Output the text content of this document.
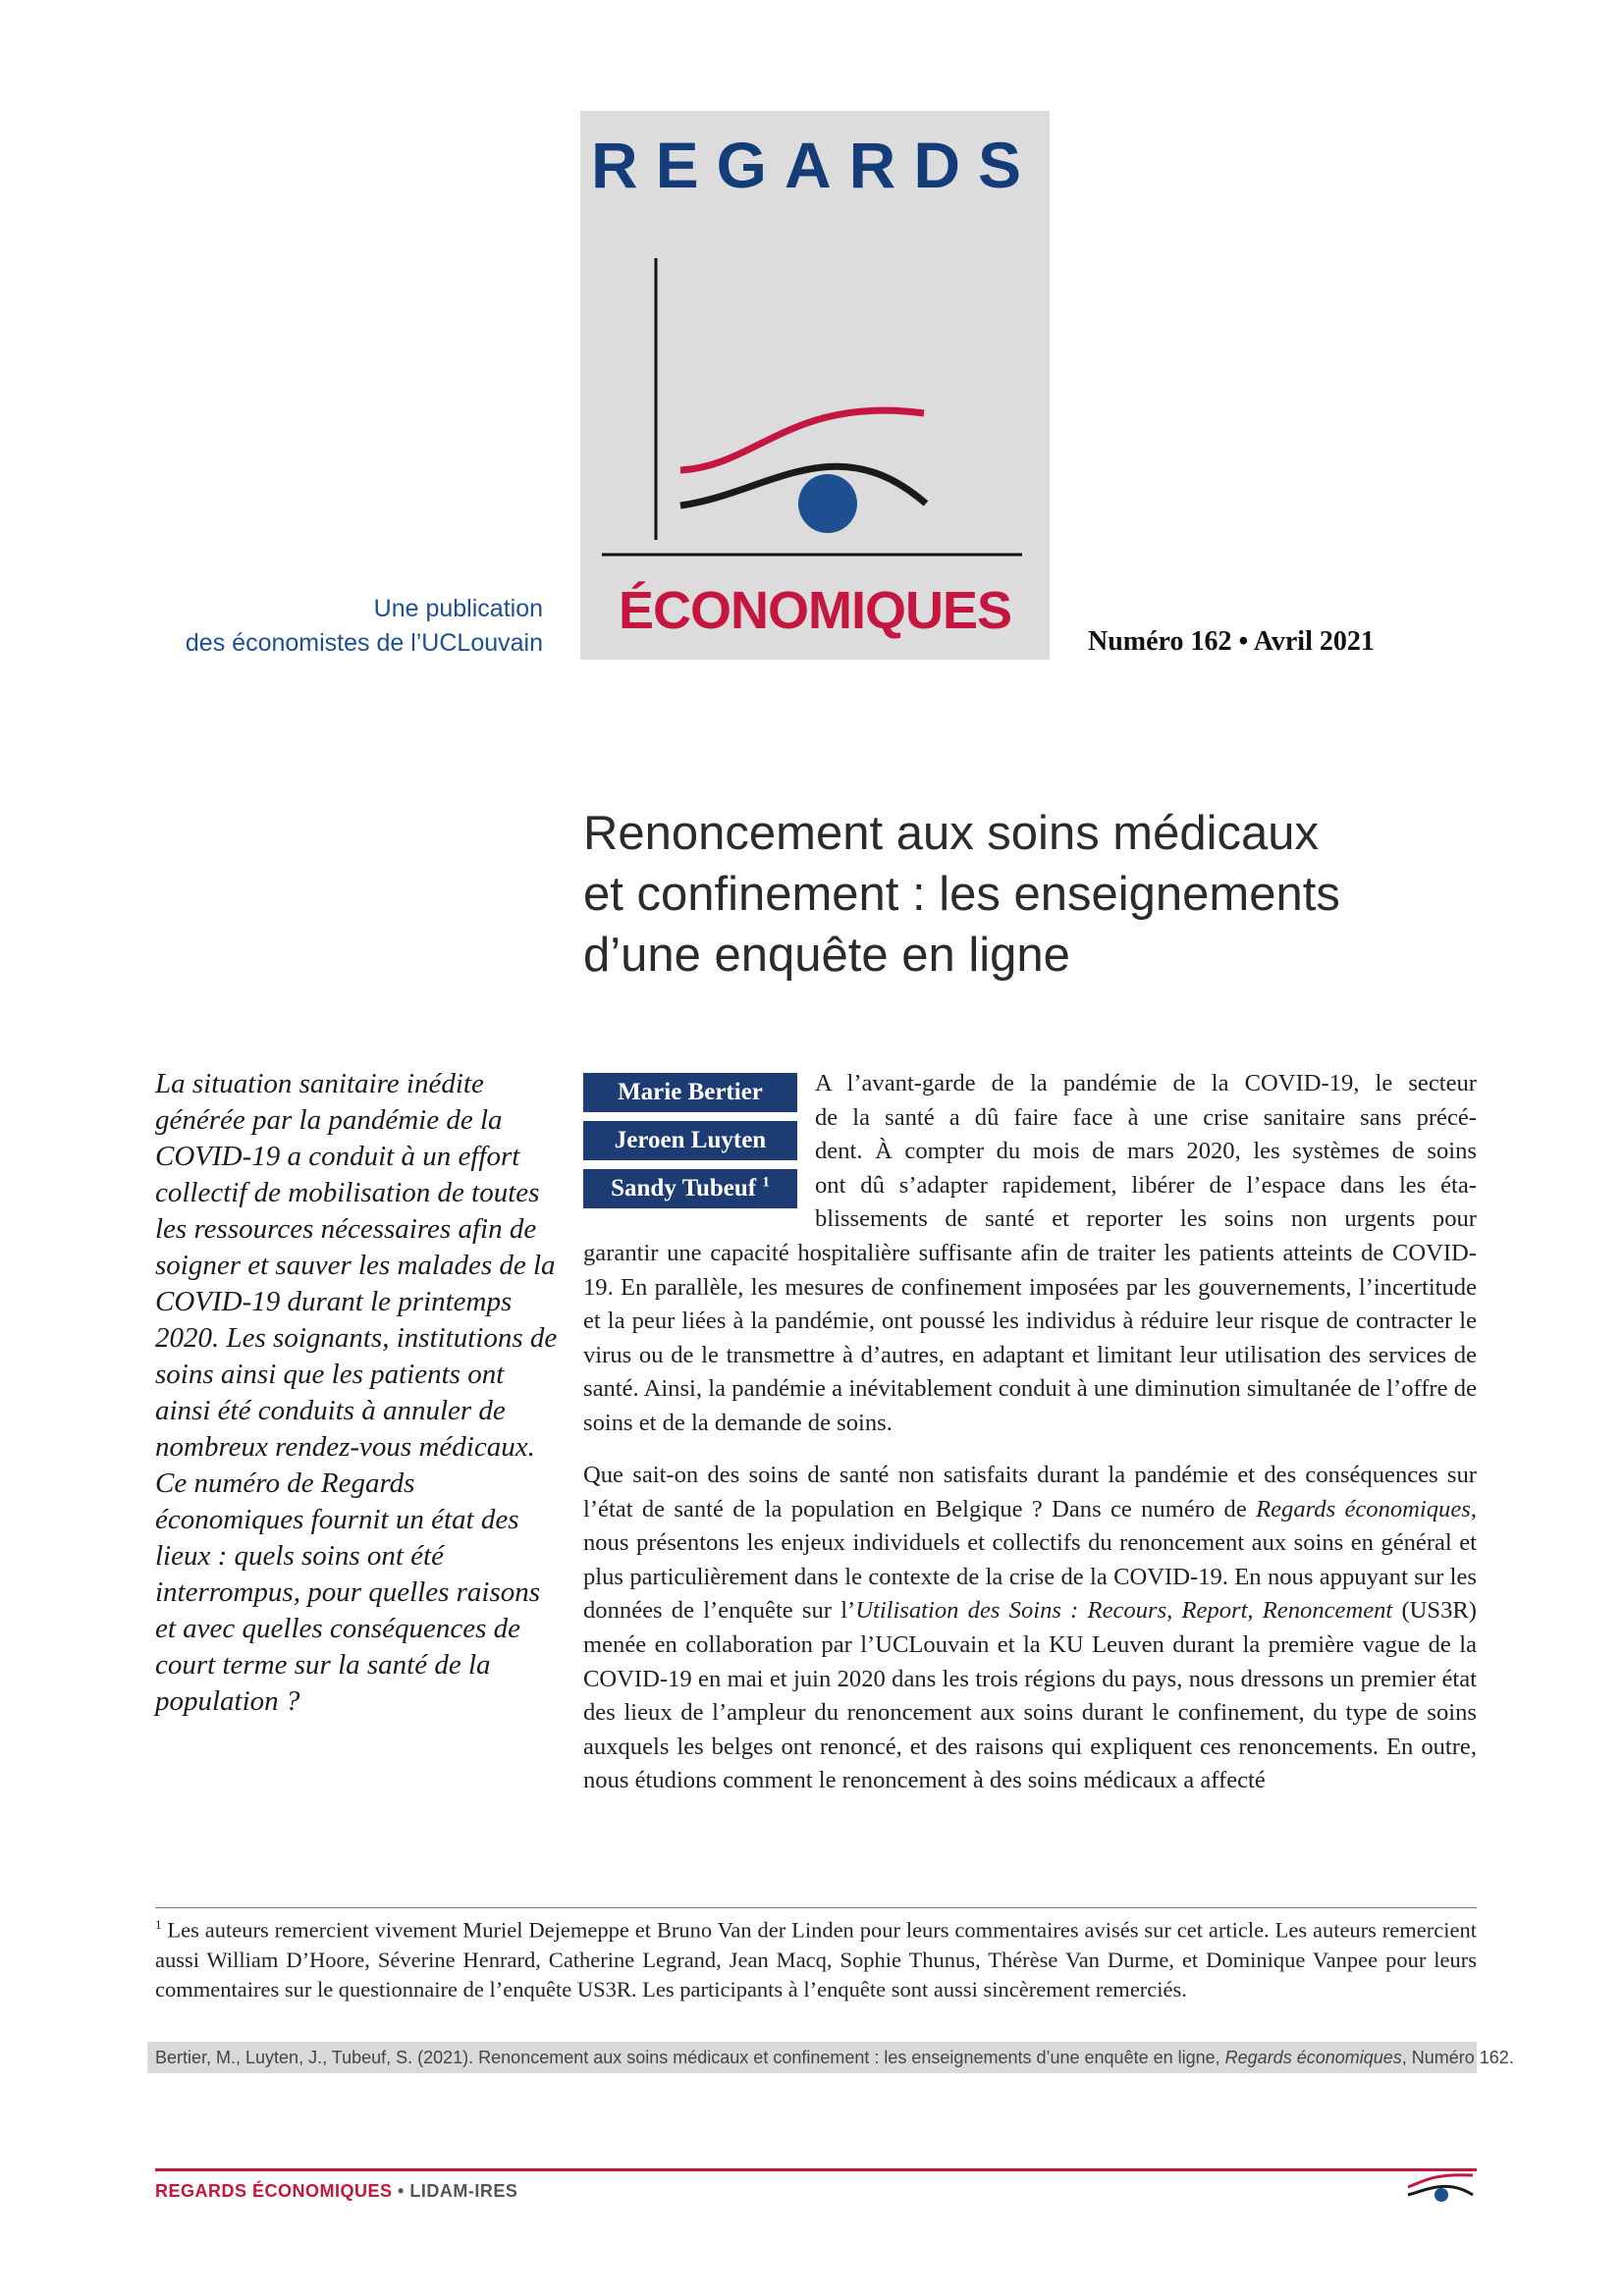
REGARDS
ÉCONOMIQUES
Une publication
des économistes de l’UCLouvain	Numéro 162 • Avril 2021
Renoncement aux soins médicaux
et confinement : les enseignements
d’une enquête en ligne

La situation sanitaire inédite générée par la pandémie de la COVID-19 a conduit à un effort collectif de mobilisation de toutes les ressources nécessaires afin de soigner et sauver les malades de la COVID-19 durant le printemps 2020. Les soignants, institutions de soins ainsi que les patients ont ainsi été conduits à annuler de nombreux rendez-vous médicaux. Ce numéro de Regards économiques fournit un état des lieux : quels soins ont été interrompus, pour quelles raisons et avec quelles conséquences de court terme sur la santé de la population ?

Marie Bertier
Jeroen Luyten
Sandy Tubeuf $^1$
A l’avant-garde de la pandémie de la COVID-19, le secteur
de la santé a dû faire face à une crise sanitaire sans précé-
dent. À compter du mois de mars 2020, les systèmes de soins
ont dû s’adapter rapidement, libérer de l’espace dans les éta-
blissements de santé et reporter les soins non urgents pour

garantir une capacité hospitalière suffisante afin de traiter les patients atteints de COVID-19. En parallèle, les mesures de confinement imposées par les gouvernements, l’incertitude et la peur liées à la pandémie, ont poussé les individus à réduire leur risque de contracter le virus ou de le transmettre à d’autres, en adaptant et limitant leur utilisation des services de santé. Ainsi, la pandémie a inévitablement conduit à une diminution simultanée de l’offre de soins et de la demande de soins.

Que sait-on des soins de santé non satisfaits durant la pandémie et des conséquences sur l’état de santé de la population en Belgique ? Dans ce numéro de Regards économiques, nous présentons les enjeux individuels et collectifs du renoncement aux soins en général et plus particulièrement dans le contexte de la crise de la COVID-19. En nous appuyant sur les données de l’enquête sur l’Utilisation des Soins : Recours, Report, Renoncement (US3R) menée en collaboration par l’UCLouvain et la KU Leuven durant la première vague de la COVID-19 en mai et juin 2020 dans les trois régions du pays, nous dressons un premier état des lieux de l’ampleur du renoncement aux soins durant le confinement, du type de soins auxquels les belges ont renoncé, et des raisons qui expliquent ces renoncements. En outre, nous étudions comment le renoncement à des soins médicaux a affecté

$^1$ Les auteurs remercient vivement Muriel Dejemeppe et Bruno Van der Linden pour leurs commentaires avisés sur cet article. Les auteurs remercient aussi William D’Hoore, Séverine Henrard, Catherine Legrand, Jean Macq, Sophie Thunus, Thérèse Van Durme, et Dominique Vanpee pour leurs commentaires sur le questionnaire de l’enquête US3R. Les participants à l’enquête sont aussi sincèrement remerciés.

Bertier, M., Luyten, J., Tubeuf, S. (2021). Renoncement aux soins médicaux et confinement : les enseignements d’une enquête en ligne, Regards économiques, Numéro 162.
REGARDS ÉCONOMIQUES • LIDAM-IRES
